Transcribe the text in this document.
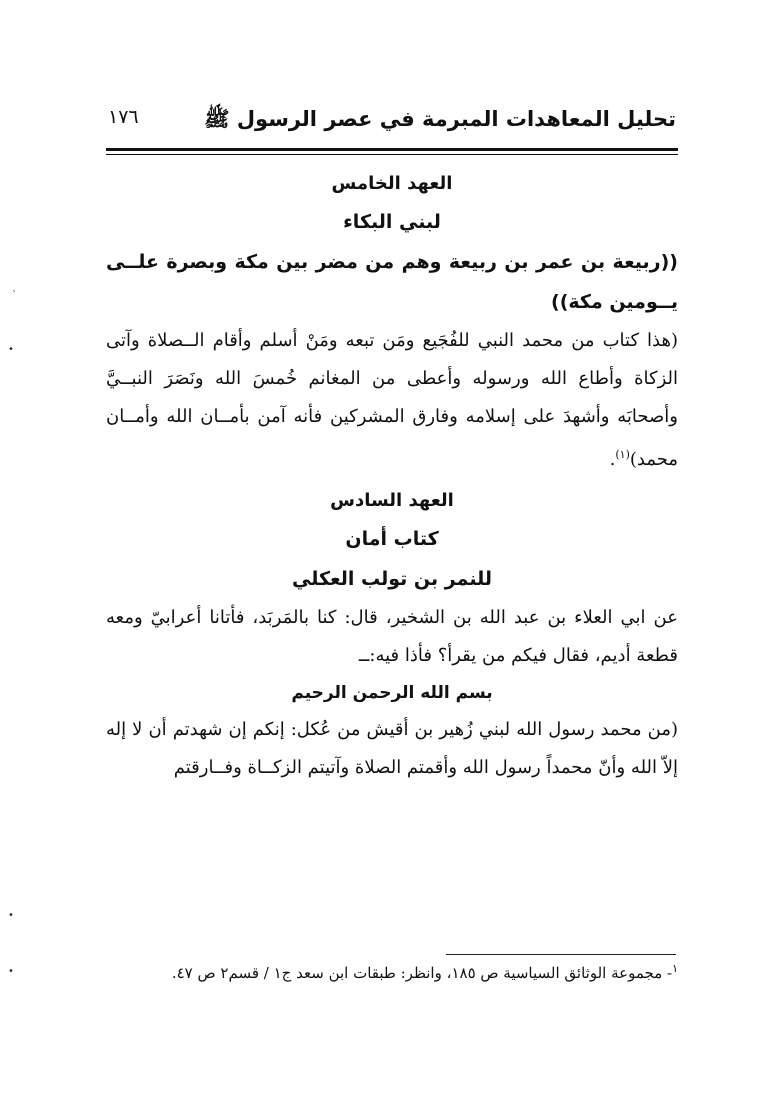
تحليل المعاهدات المبرمة في عصر الرسول ﷺ
١٧٦

العهد الخامس

لبني البكاء

((ربيعة بن عمر بن ربيعة وهم من مضر بين مكة وبصرة علــى يــومين مكة))

(هذا كتاب من محمد النبي للفُجَيع ومَن تبعه ومَنْ أسلم وأقام الــصلاة وآتى الزكاة وأطاع الله ورسوله وأعطى من المغانم خُمسَ الله ونَصَرَ النبــيَّ وأصحابَه وأشهدَ على إسلامه وفارق المشركين فأنه آمن بأمــان الله وأمــان محمد)$^{(١)}$.

العهد السادس

كتاب أمان

للنمر بن تولب العكلي

عن ابي العلاء بن عبد الله بن الشخير، قال: كنا بالمَربَد، فأتانا أعرابيّ ومعه قطعة أديم، فقال فيكم من يقرأ؟ فأذا فيه:ــ

بسم الله الرحمن الرحيم

(من محمد رسول الله لبني زُهير بن أقيش من عُكل: إنكم إن شهدتم أن لا إله إلاّ الله وأنّ محمداً رسول الله وأقمتم الصلاة وآتيتم الزكــاة وفــارقتم

$^١$- مجموعة الوثائق السياسية ص ١٨٥، وانظر: طبقات ابن سعد ج١ / قسم٢ ص ٤٧.
`
•
•
•
